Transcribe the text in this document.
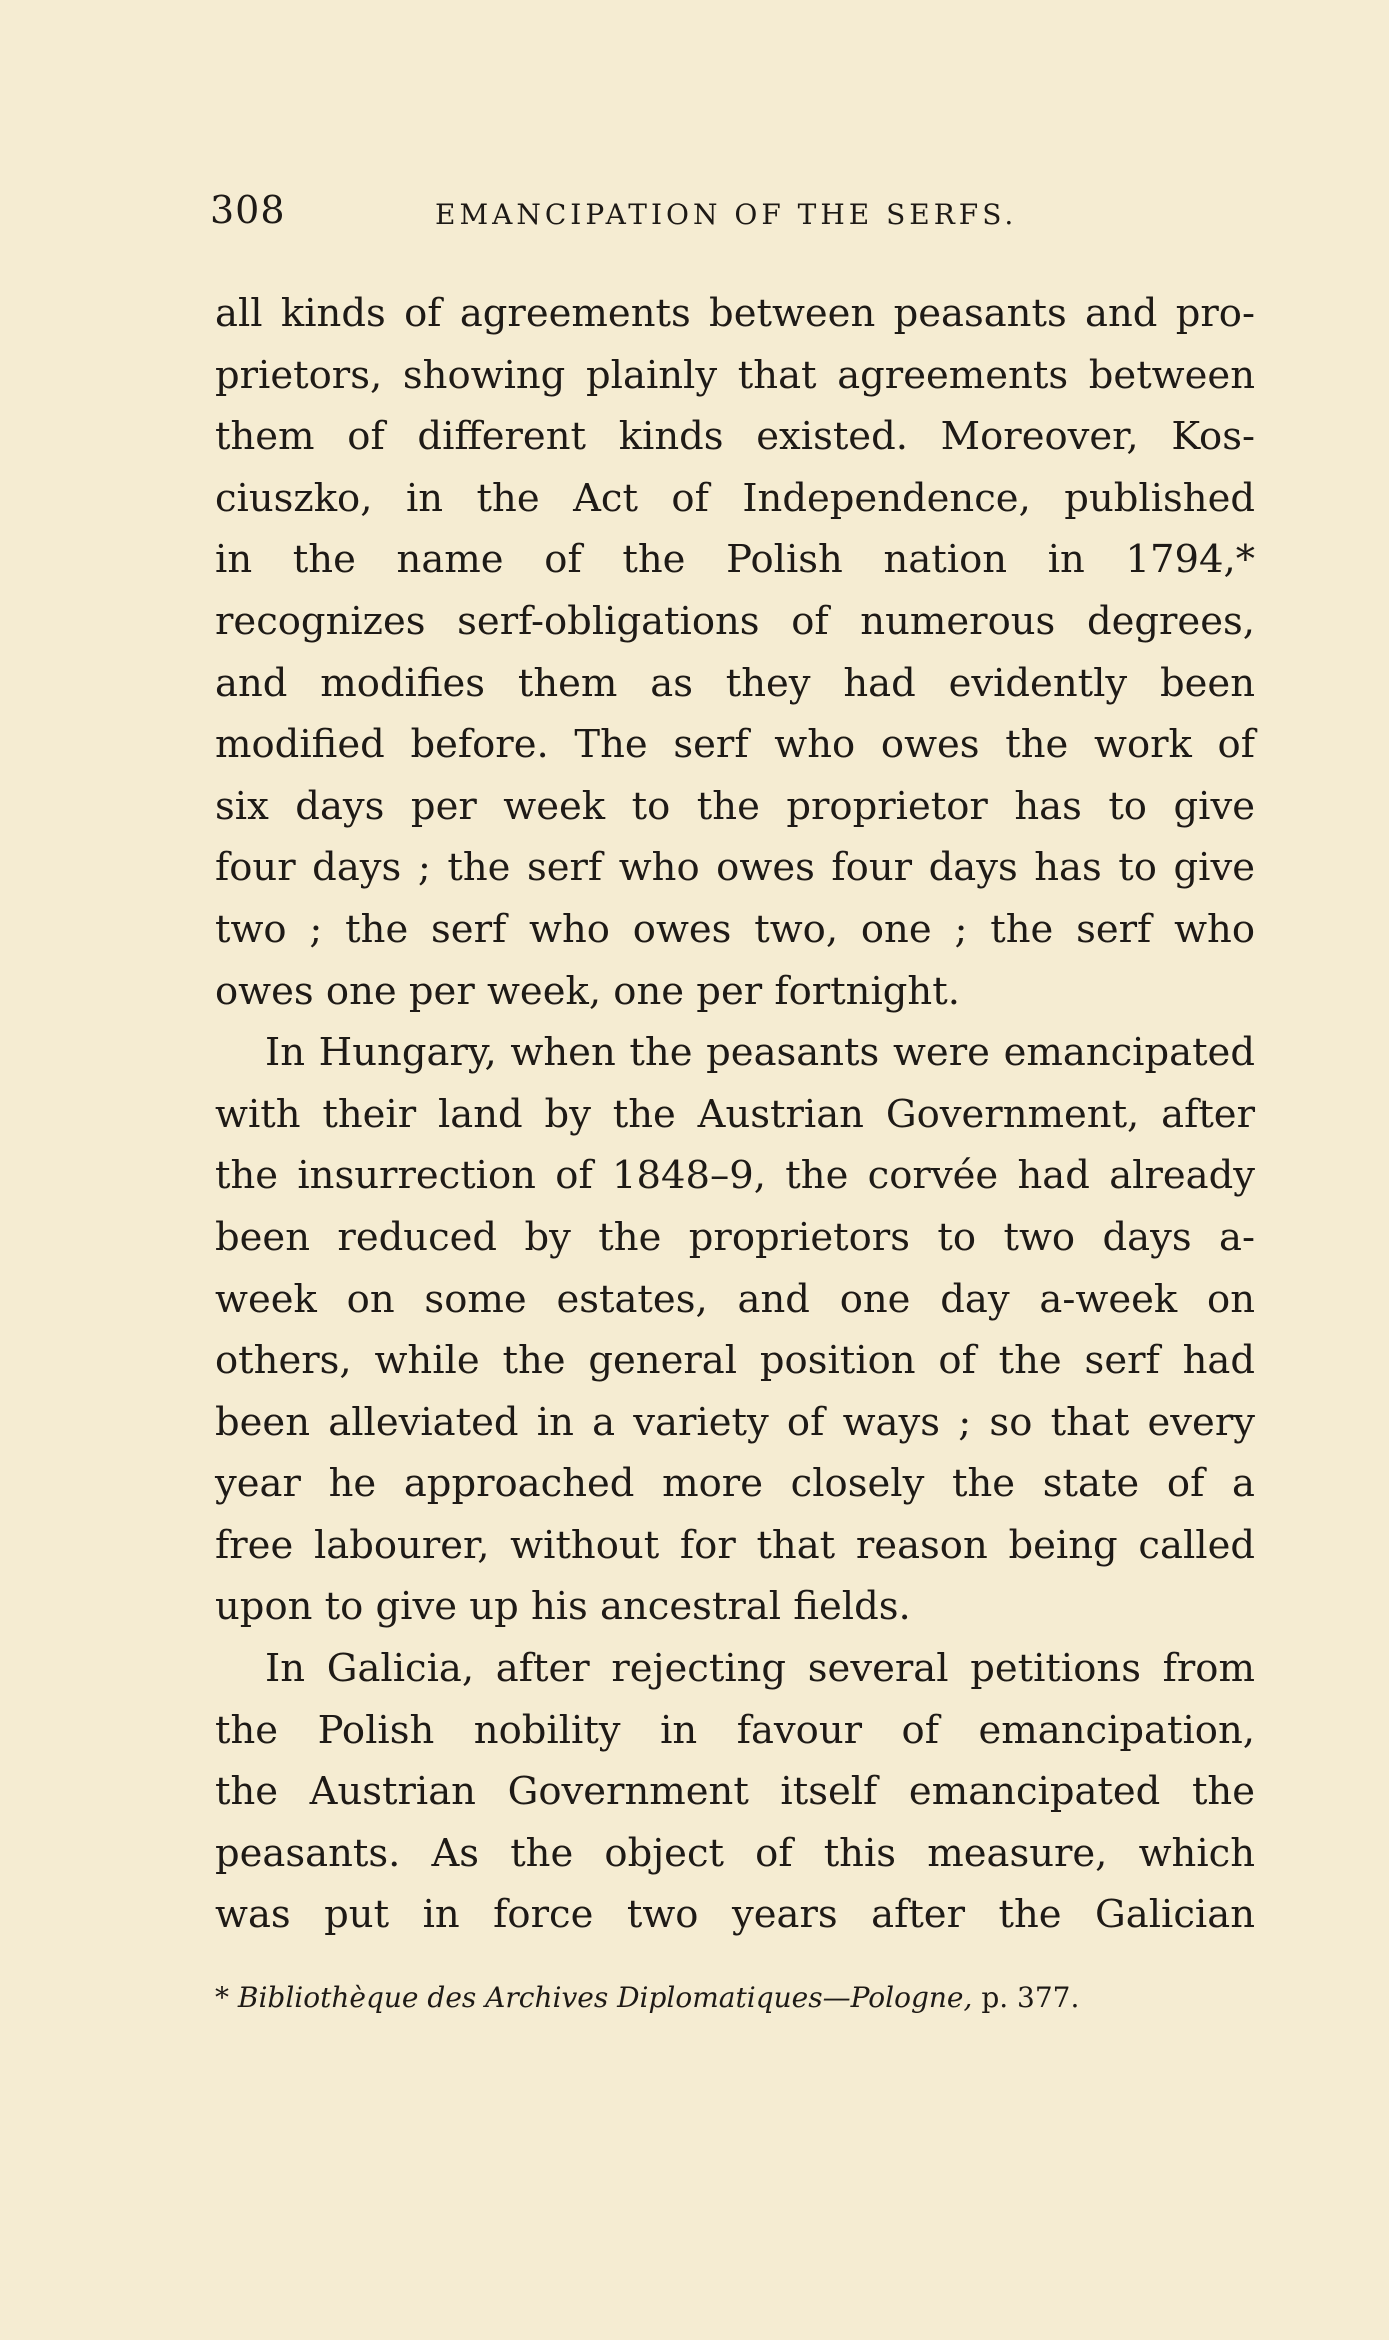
308	EMANCIPATION OF THE SERFS.
all kinds of agreements between peasants and pro-
prietors, showing plainly that agreements between
them of different kinds existed. Moreover, Kos-
ciuszko, in the Act of Independence, published
in the name of the Polish nation in 1794,*
recognizes serf-obligations of numerous degrees,
and modifies them as they had evidently been
modified before. The serf who owes the work of
six days per week to the proprietor has to give
four days ; the serf who owes four days has to give
two ; the serf who owes two, one ; the serf who
owes one per week, one per fortnight.
In Hungary, when the peasants were emancipated
with their land by the Austrian Government, after
the insurrection of 1848–9, the corvée had already
been reduced by the proprietors to two days a-
week on some estates, and one day a-week on
others, while the general position of the serf had
been alleviated in a variety of ways ; so that every
year he approached more closely the state of a
free labourer, without for that reason being called
upon to give up his ancestral fields.
In Galicia, after rejecting several petitions from
the Polish nobility in favour of emancipation,
the Austrian Government itself emancipated the
peasants. As the object of this measure, which
was put in force two years after the Galician
* Bibliothèque des Archives Diplomatiques—Pologne, p. 377.
